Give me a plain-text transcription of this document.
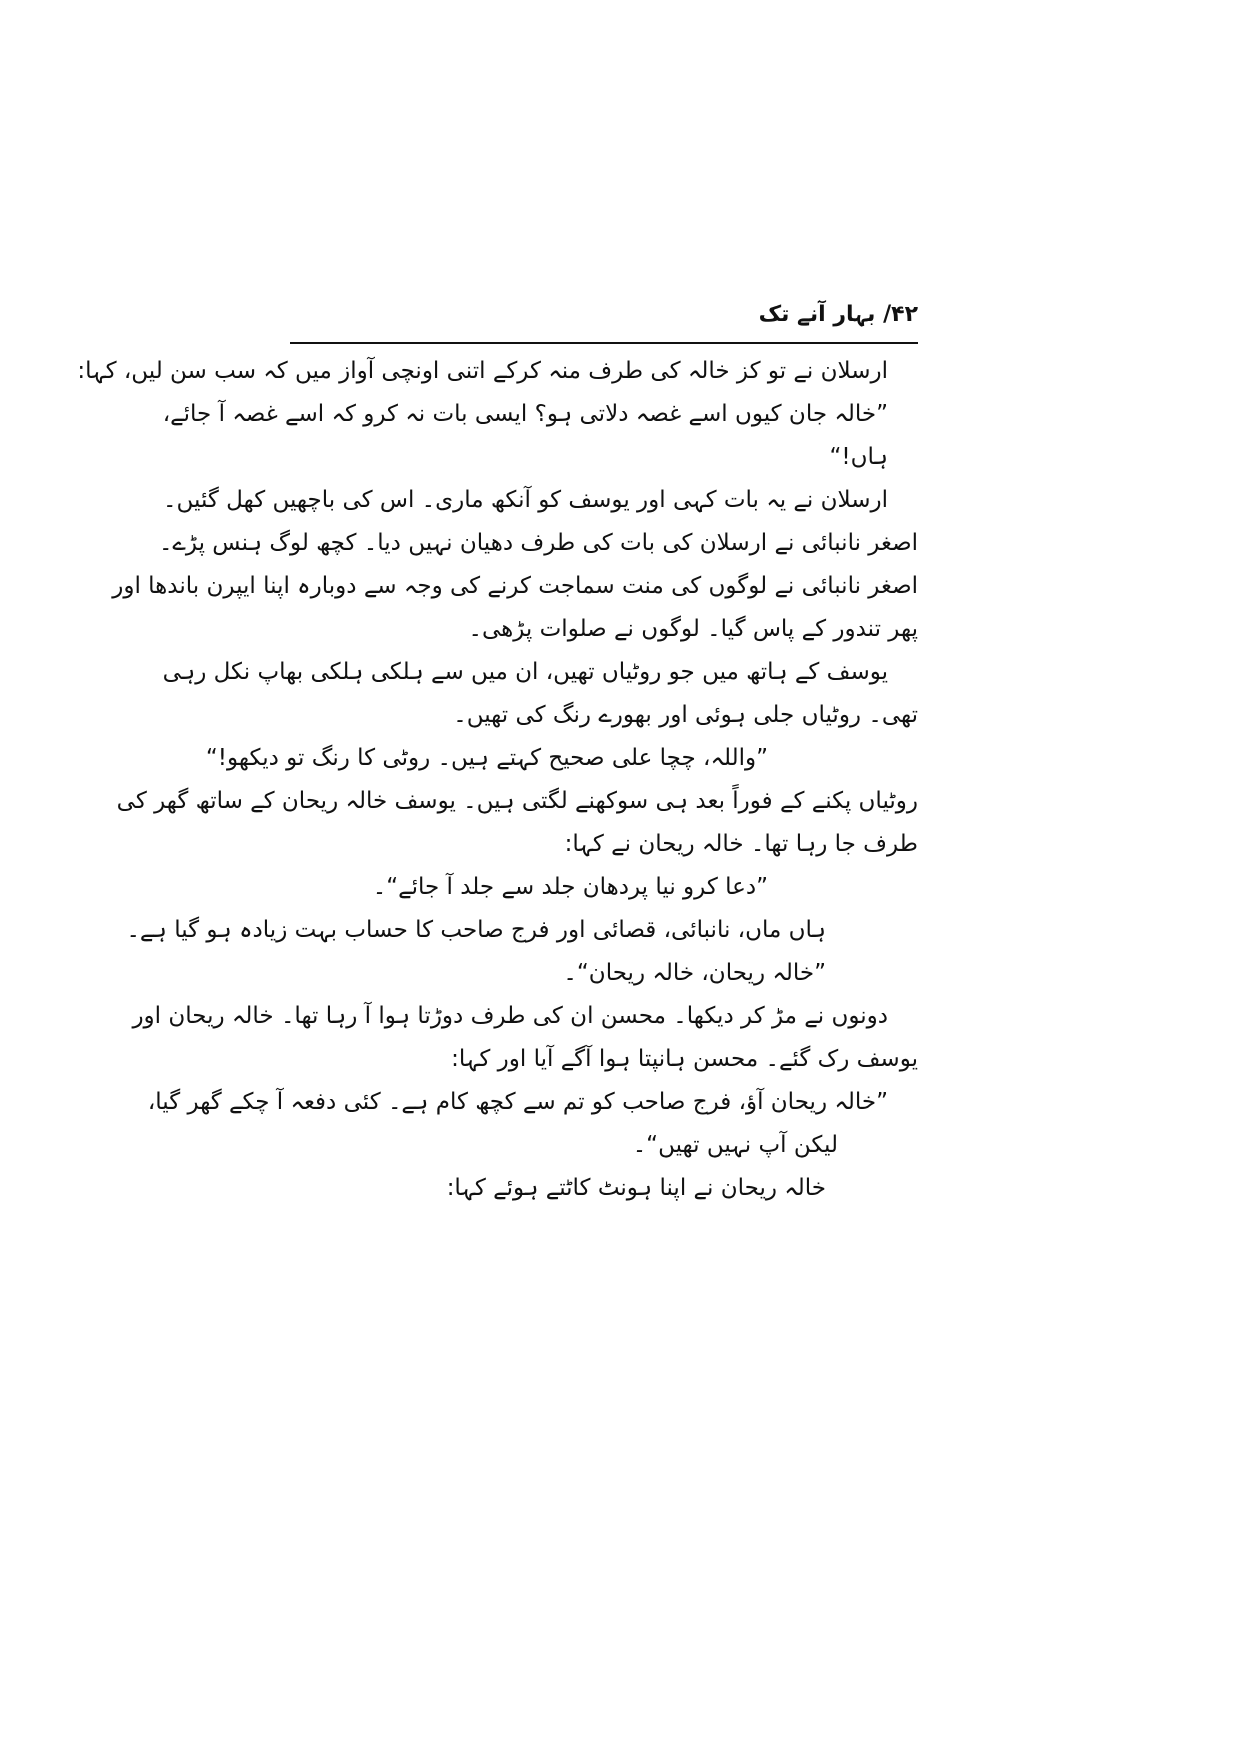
۴۲/ بہار آنے تک
ارسلان نے تو کز خالہ کی طرف منہ کرکے اتنی اونچی آواز میں کہ سب سن لیں، کہا:
”خالہ جان کیوں اسے غصہ دلاتی ہو؟ ایسی بات نہ کرو کہ اسے غصہ آ جائے،
ہاں!“
ارسلان نے یہ بات کہی اور یوسف کو آنکھ ماری۔ اس کی باچھیں کھل گئیں۔
اصغر نانبائی نے ارسلان کی بات کی طرف دھیان نہیں دیا۔ کچھ لوگ ہنس پڑے۔
اصغر نانبائی نے لوگوں کی منت سماجت کرنے کی وجہ سے دوبارہ اپنا ایپرن باندھا اور
پھر تندور کے پاس گیا۔ لوگوں نے صلوات پڑھی۔
یوسف کے ہاتھ میں جو روٹیاں تھیں، ان میں سے ہلکی ہلکی بھاپ نکل رہی
تھی۔ روٹیاں جلی ہوئی اور بھورے رنگ کی تھیں۔
”واللہ، چچا علی صحیح کہتے ہیں۔ روٹی کا رنگ تو دیکھو!“
روٹیاں پکنے کے فوراً بعد ہی سوکھنے لگتی ہیں۔ یوسف خالہ ریحان کے ساتھ گھر کی
طرف جا رہا تھا۔ خالہ ریحان نے کہا:
”دعا کرو نیا پردھان جلد سے جلد آ جائے“۔
ہاں ماں، نانبائی، قصائی اور فرج صاحب کا حساب بہت زیادہ ہو گیا ہے۔
”خالہ ریحان، خالہ ریحان“۔
دونوں نے مڑ کر دیکھا۔ محسن ان کی طرف دوڑتا ہوا آ رہا تھا۔ خالہ ریحان اور
یوسف رک گئے۔ محسن ہانپتا ہوا آگے آیا اور کہا:
”خالہ ریحان آؤ، فرج صاحب کو تم سے کچھ کام ہے۔ کئی دفعہ آ چکے گھر گیا،
لیکن آپ نہیں تھیں“۔
خالہ ریحان نے اپنا ہونٹ کاٹتے ہوئے کہا:
